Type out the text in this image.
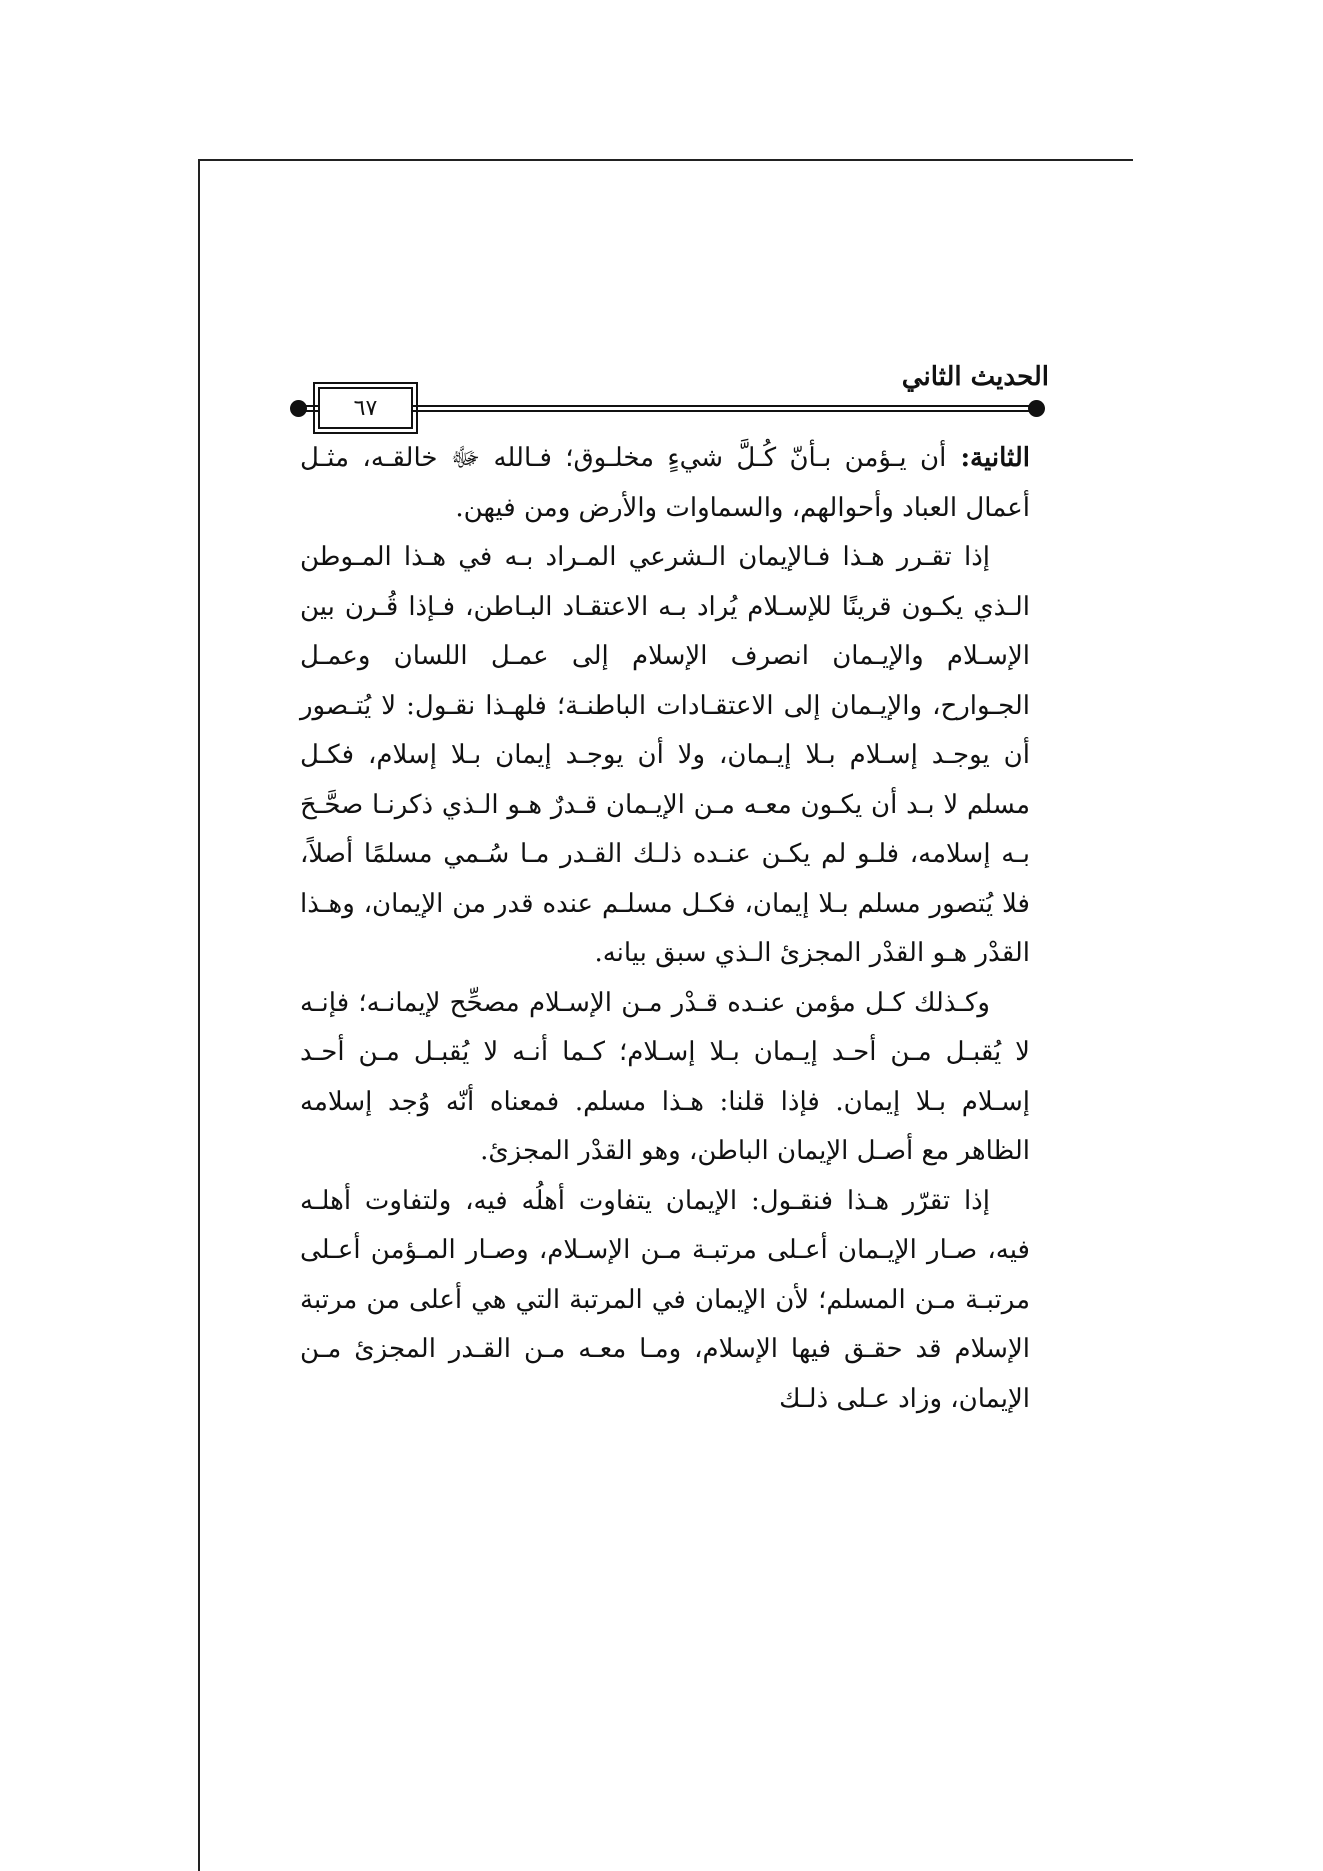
الحديث الثاني
٦٧

الثانية: أن يـؤمن بـأنّ كُـلَّ شيءٍ مخلـوق؛ فـالله ﷻ خالقـه، مثـل أعمال العباد وأحوالهم، والسماوات والأرض ومن فيهن.

إذا تقـرر هـذا فـالإيمان الـشرعي المـراد بـه في هـذا المـوطن الـذي يكـون قرينًا للإسـلام يُراد بـه الاعتقـاد البـاطن، فـإذا قُـرن بين الإسـلام والإيـمان انصرف الإسلام إلى عمـل اللسان وعمـل الجـوارح، والإيـمان إلى الاعتقـادات الباطنـة؛ فلهـذا نقـول: لا يُتـصور أن يوجـد إسـلام بـلا إيـمان، ولا أن يوجـد إيمان بـلا إسلام، فكـل مسلم لا بـد أن يكـون معـه مـن الإيـمان قـدرٌ هـو الـذي ذكرنـا صحَّـحَ بـه إسلامه، فلـو لم يكـن عنـده ذلـك القـدر مـا سُـمي مسلمًا أصلاً، فلا يُتصور مسلم بـلا إيمان، فكـل مسلـم عنده قدر من الإيمان، وهـذا القدْر هـو القدْر المجزئ الـذي سبق بيانه.

وكـذلك كـل مؤمن عنـده قـدْر مـن الإسـلام مصحِّح لإيمانـه؛ فإنـه لا يُقبـل مـن أحـد إيـمان بـلا إسـلام؛ كـما أنـه لا يُقبـل مـن أحـد إسـلام بـلا إيمان. فإذا قلنا: هـذا مسلم. فمعناه أنّه وُجد إسلامه الظاهر مع أصـل الإيمان الباطن، وهو القدْر المجزئ.

إذا تقرّر هـذا فنقـول: الإيمان يتفاوت أهلُه فيه، ولتفاوت أهلـه فيه، صـار الإيـمان أعـلى مرتبـة مـن الإسـلام، وصـار المـؤمن أعـلى مرتبـة مـن المسلم؛ لأن الإيمان في المرتبة التي هي أعلى من مرتبة الإسلام قد حقـق فيها الإسلام، ومـا معـه مـن القـدر المجزئ مـن الإيمان، وزاد عـلى ذلـك
